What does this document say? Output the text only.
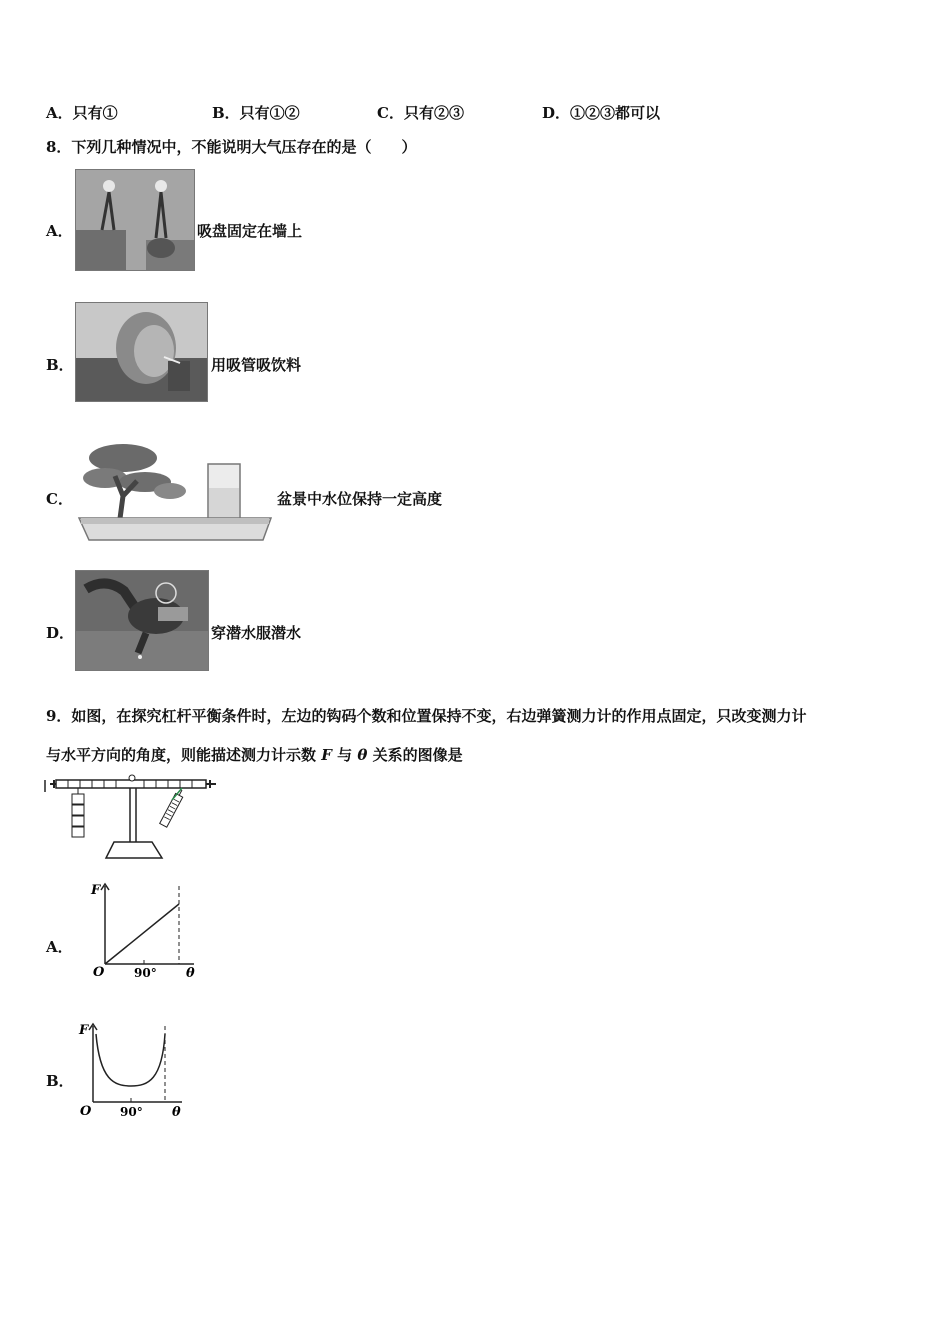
A．只有①	B．只有①②	C．只有②③	D．①②③都可以
8．下列几种情况中，不能说明大气压存在的是（　　）
A．	吸盘固定在墙上
B．	用吸管吸饮料
C．	盆景中水位保持一定高度
D．	穿潜水服潜水
9．如图，在探究杠杆平衡条件时，左边的钩码个数和位置保持不变，右边弹簧测力计的作用点固定，只改变测力计
与水平方向的角度，则能描述测力计示数 F 与 θ 关系的图像是
A．
F
O 90° θ
B．
F
O 90° θ
